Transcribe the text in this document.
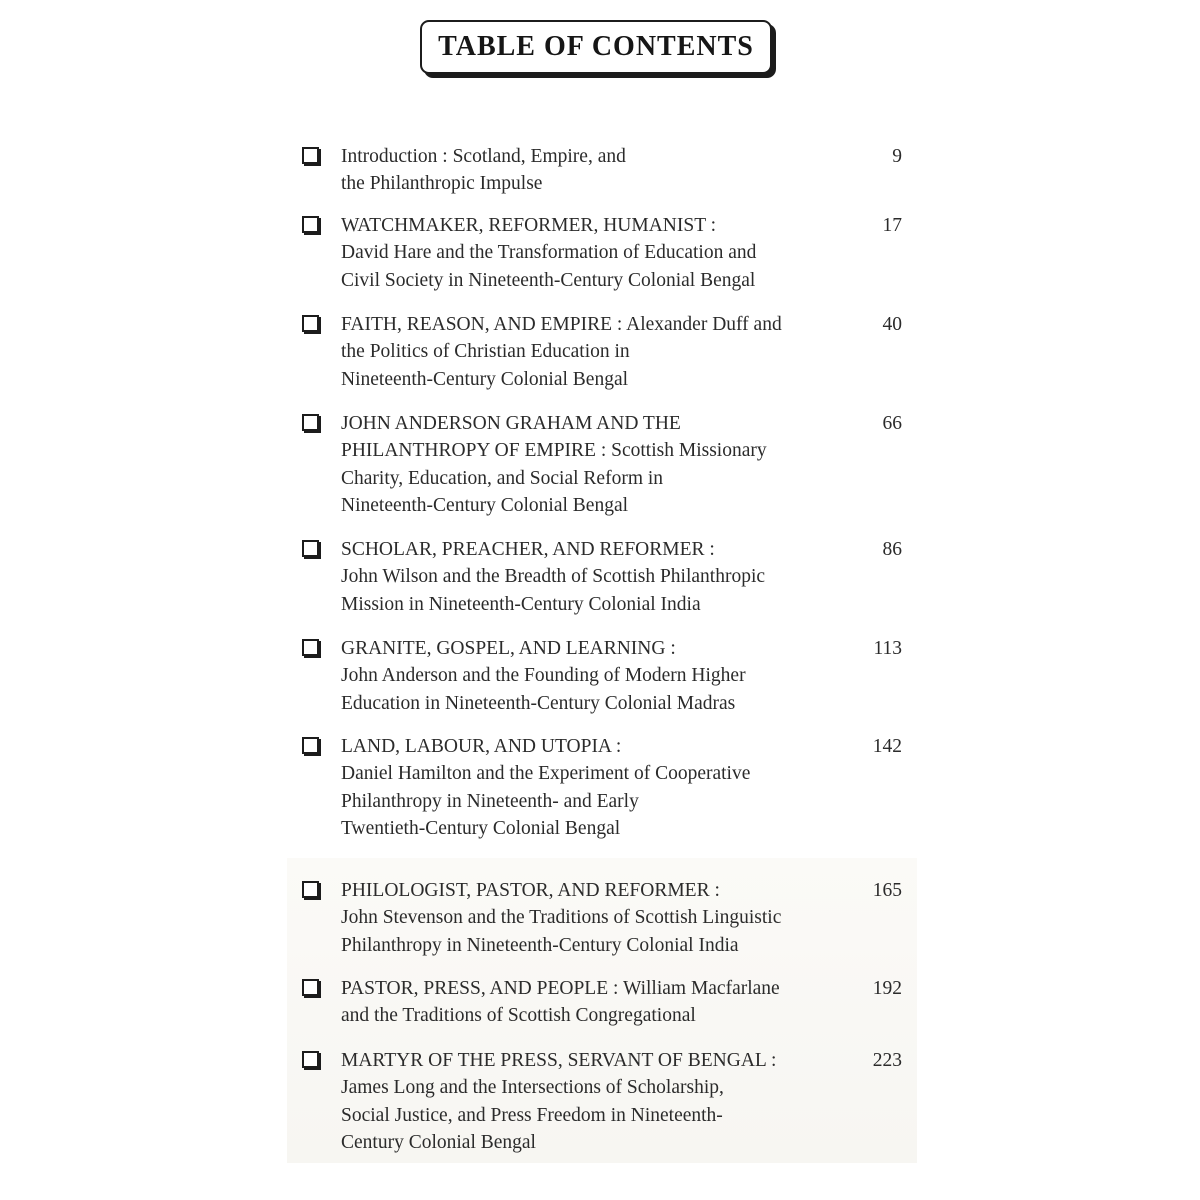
TABLE OF CONTENTS
Introduction : Scotland, Empire, and
the Philanthropic Impulse
9
WATCHMAKER, REFORMER, HUMANIST :
David Hare and the Transformation of Education and
Civil Society in Nineteenth-Century Colonial Bengal
17
FAITH, REASON, AND EMPIRE : Alexander Duff and
the Politics of Christian Education in
Nineteenth-Century Colonial Bengal
40
JOHN ANDERSON GRAHAM AND THE
PHILANTHROPY OF EMPIRE : Scottish Missionary
Charity, Education, and Social Reform in
Nineteenth-Century Colonial Bengal
66
SCHOLAR, PREACHER, AND REFORMER :
John Wilson and the Breadth of Scottish Philanthropic
Mission in Nineteenth-Century Colonial India
86
GRANITE, GOSPEL, AND LEARNING :
John Anderson and the Founding of Modern Higher
Education in Nineteenth-Century Colonial Madras
113
LAND, LABOUR, AND UTOPIA :
Daniel Hamilton and the Experiment of Cooperative
Philanthropy in Nineteenth- and Early
Twentieth-Century Colonial Bengal
142
PHILOLOGIST, PASTOR, AND REFORMER :
John Stevenson and the Traditions of Scottish Linguistic
Philanthropy in Nineteenth-Century Colonial India
165
PASTOR, PRESS, AND PEOPLE : William Macfarlane
and the Traditions of Scottish Congregational
192
MARTYR OF THE PRESS, SERVANT OF BENGAL :
James Long and the Intersections of Scholarship,
Social Justice, and Press Freedom in Nineteenth-
Century Colonial Bengal
223
